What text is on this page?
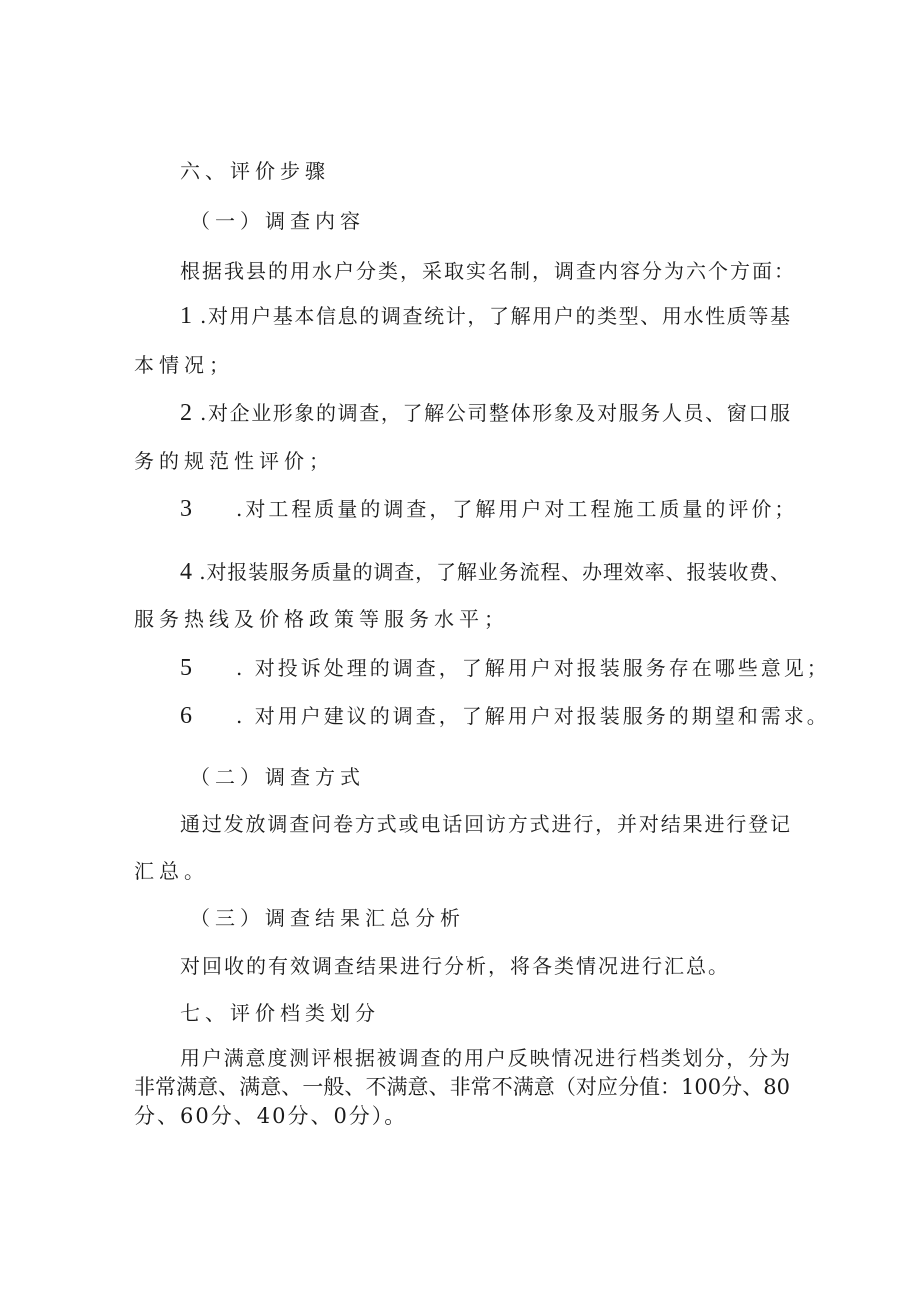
六、评价步骤
（一）调查内容
根据我县的用水户分类，采取实名制，调查内容分为六个方面：
1 .对用户基本信息的调查统计，了解用户的类型、用水性质等基
本情况；
2 .对企业形象的调查，了解公司整体形象及对服务人员、窗口服
务的规范性评价；
3 .对工程质量的调查，了解用户对工程施工质量的评价；
4 .对报装服务质量的调查，了解业务流程、办理效率、报装收费、
服务热线及价格政策等服务水平；
5 . 对投诉处理的调查，了解用户对报装服务存在哪些意见；
6 . 对用户建议的调查，了解用户对报装服务的期望和需求。
（二）调查方式
通过发放调查问卷方式或电话回访方式进行，并对结果进行登记
汇总。
（三）调查结果汇总分析
对回收的有效调查结果进行分析，将各类情况进行汇总。
七、评价档类划分
用户满意度测评根据被调查的用户反映情况进行档类划分，分为
非常满意、满意、一般、不满意、非常不满意（对应分值：100分、80
分、60分、40分、0分）。
